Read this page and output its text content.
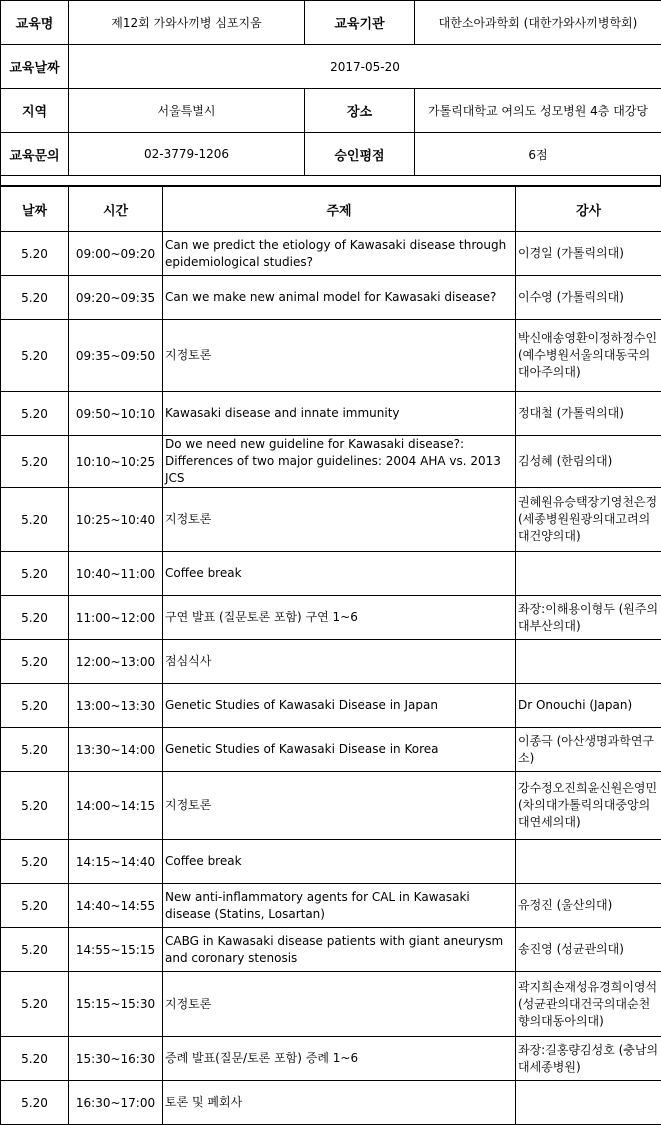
교육명	제12회 가와사끼병 심포지움	교육기관	대한소아과학회 (대한가와사끼병학회)
교육날짜	2017-05-20		
지역	서울특별시	장소	가톨릭대학교 여의도 성모병원 4층 대강당
교육문의	02-3779-1206	승인평점	6점
날짜	시간	주제	강사
5.20	09:00~09:20	Can we predict the etiology of Kawasaki disease through epidemiological studies?	이경일 (가톨릭의대)
5.20	09:20~09:35	Can we make new animal model for Kawasaki disease?	이수영 (가톨릭의대)
5.20	09:35~09:50	지정토론	박신애송영환이정하정수인 (예수병원서울의대동국의대아주의대)
5.20	09:50~10:10	Kawasaki disease and innate immunity	정대철 (가톨릭의대)
5.20	10:10~10:25	Do we need new guideline for Kawasaki disease?: Differences of two major guidelines: 2004 AHA vs. 2013 JCS	김성혜 (한림의대)
5.20	10:25~10:40	지정토론	권혜원유승택장기영천은정 (세종병원원광의대고려의대건양의대)
5.20	10:40~11:00	Coffee break	
5.20	11:00~12:00	구연 발표 (질문토론 포함) 구연 1~6	좌장:이해용이형두 (원주의대부산의대)
5.20	12:00~13:00	점심식사	
5.20	13:00~13:30	Genetic Studies of Kawasaki Disease in Japan	Dr Onouchi (Japan)
5.20	13:30~14:00	Genetic Studies of Kawasaki Disease in Korea	이종극 (아산생명과학연구소)
5.20	14:00~14:15	지정토론	강수정오진희윤신원은영민 (차의대가톨릭의대중앙의대연세의대)
5.20	14:15~14:40	Coffee break	
5.20	14:40~14:55	New anti-inflammatory agents for CAL in Kawasaki disease (Statins, Losartan)	유정진 (울산의대)
5.20	14:55~15:15	CABG in Kawasaki disease patients with giant aneurysm and coronary stenosis	송진영 (성균관의대)
5.20	15:15~15:30	지정토론	곽지희손재성유경희이영석 (성균관의대건국의대순천향의대동아의대)
5.20	15:30~16:30	증례 발표(질문/토론 포함) 증례 1~6	좌장:길홍량김성호 (충남의대세종병원)
5.20	16:30~17:00	토론 및 폐회사	
